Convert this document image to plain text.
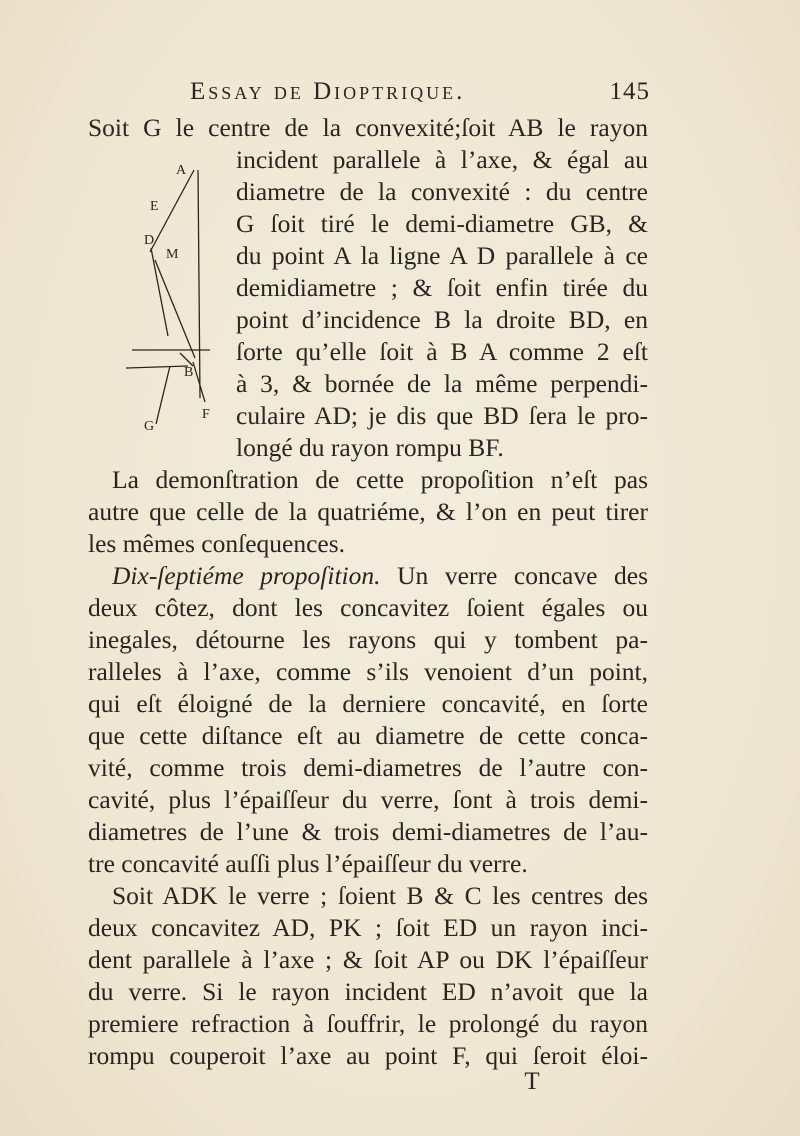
Essay de Dioptrique.	145
Soit G le centre de la convexité;ſoit AB le rayon
incident parallele à l’axe, & égal au
diametre de la convexité : du centre
G ſoit tiré le demi-diametre GB, &
du point A la ligne A D parallele à ce
demidiametre ; & ſoit enfin tirée du
point d’incidence B la droite BD, en
ſorte qu’elle ſoit à B A comme 2 eſt
à 3, & bornée de la même perpendi-
culaire AD; je dis que BD ſera le pro-
longé du rayon rompu BF.
La demonſtration de cette propoſition n’eſt pas
autre que celle de la quatriéme, & l’on en peut tirer
les mêmes conſequences.
Dix-ſeptiéme propoſition. Un verre concave des
deux côtez, dont les concavitez ſoient égales ou
inegales, détourne les rayons qui y tombent pa-
ralleles à l’axe, comme s’ils venoient d’un point,
qui eſt éloigné de la derniere concavité, en ſorte
que cette diſtance eſt au diametre de cette conca-
vité, comme trois demi-diametres de l’autre con-
cavité, plus l’épaiſſeur du verre, ſont à trois demi-
diametres de l’une & trois demi-diametres de l’au-
tre concavité auſſi plus l’épaiſſeur du verre.
Soit ADK le verre ; ſoient B & C les centres des
deux concavitez AD, PK ; ſoit ED un rayon inci-
dent parallele à l’axe ; & ſoit AP ou DK l’épaiſſeur
du verre. Si le rayon incident ED n’avoit que la
premiere refraction à ſouffrir, le prolongé du rayon
rompu couperoit l’axe au point F, qui ſeroit éloi-
T
A
E
D
M
B
G
F
